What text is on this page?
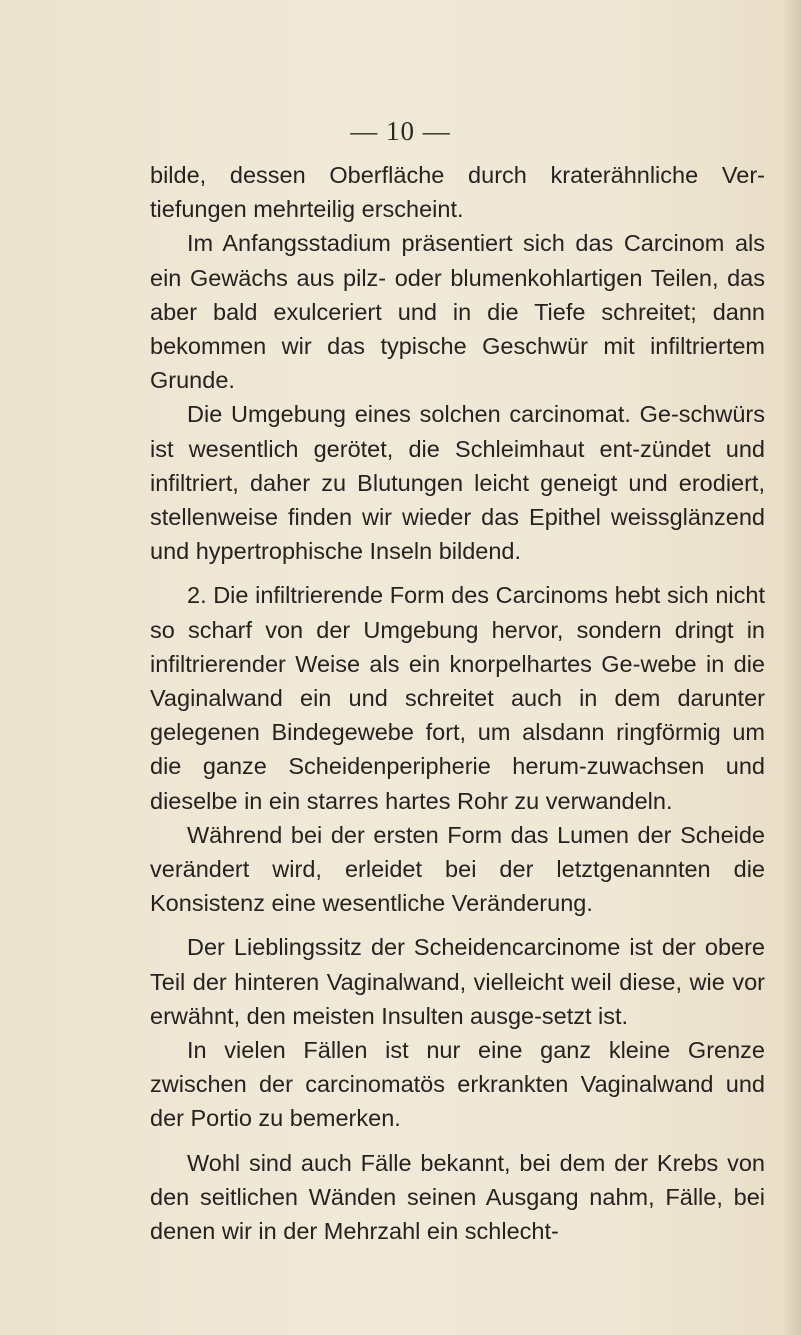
— 10 —

bilde, dessen Oberfläche durch kraterähnliche Ver-tiefungen mehrteilig erscheint.

Im Anfangsstadium präsentiert sich das Carcinom als ein Gewächs aus pilz- oder blumenkohlartigen Teilen, das aber bald exulceriert und in die Tiefe schreitet; dann bekommen wir das typische Geschwür mit infiltriertem Grunde.

Die Umgebung eines solchen carcinomat. Ge-schwürs ist wesentlich gerötet, die Schleimhaut ent-zündet und infiltriert, daher zu Blutungen leicht geneigt und erodiert, stellenweise finden wir wieder das Epithel weissglänzend und hypertrophische Inseln bildend.

2. Die infiltrierende Form des Carcinoms hebt sich nicht so scharf von der Umgebung hervor, sondern dringt in infiltrierender Weise als ein knorpelhartes Ge-webe in die Vaginalwand ein und schreitet auch in dem darunter gelegenen Bindegewebe fort, um alsdann ringförmig um die ganze Scheidenperipherie herum-zuwachsen und dieselbe in ein starres hartes Rohr zu verwandeln.

Während bei der ersten Form das Lumen der Scheide verändert wird, erleidet bei der letztgenannten die Konsistenz eine wesentliche Veränderung.

Der Lieblingssitz der Scheidencarcinome ist der obere Teil der hinteren Vaginalwand, vielleicht weil diese, wie vor erwähnt, den meisten Insulten ausge-setzt ist.

In vielen Fällen ist nur eine ganz kleine Grenze zwischen der carcinomatös erkrankten Vaginalwand und der Portio zu bemerken.

Wohl sind auch Fälle bekannt, bei dem der Krebs von den seitlichen Wänden seinen Ausgang nahm, Fälle, bei denen wir in der Mehrzahl ein schlecht-
